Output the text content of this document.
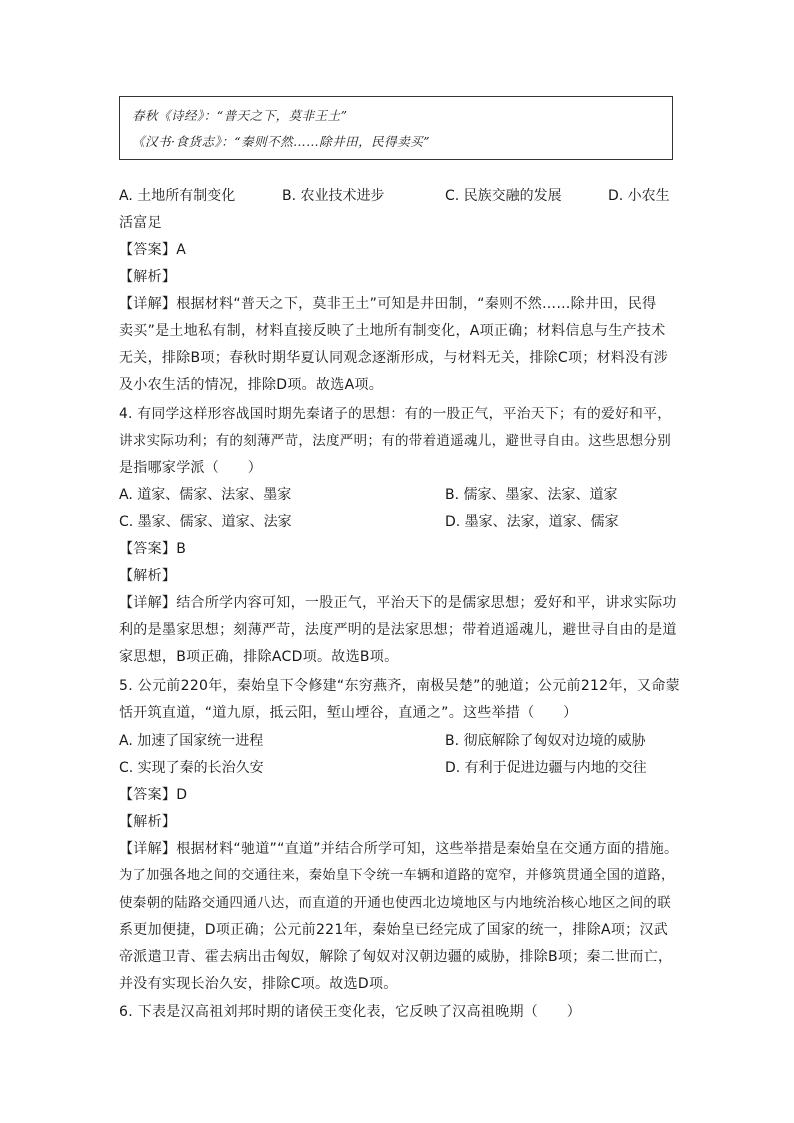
春秋《诗经》：“普天之下，莫非王土”
《汉书·食货志》：“秦则不然……除井田，民得卖买”
A. 土地所有制变化	B. 农业技术进步	C. 民族交融的发展	D. 小农生
活富足
【答案】A
【解析】
【详解】根据材料“普天之下，莫非王土”可知是井田制，“秦则不然……除井田，民得
卖买”是土地私有制，材料直接反映了土地所有制变化，A项正确；材料信息与生产技术
无关，排除B项；春秋时期华夏认同观念逐渐形成，与材料无关，排除C项；材料没有涉
及小农生活的情况，排除D项。故选A项。
4. 有同学这样形容战国时期先秦诸子的思想：有的一股正气，平治天下；有的爱好和平，
讲求实际功利；有的刻薄严苛，法度严明；有的带着逍遥魂儿，避世寻自由。这些思想分别
是指哪家学派（　　）
A. 道家、儒家、法家、墨家	B. 儒家、墨家、法家、道家
C. 墨家、儒家、道家、法家	D. 墨家、法家，道家、儒家
【答案】B
【解析】
【详解】结合所学内容可知，一股正气，平治天下的是儒家思想；爱好和平，讲求实际功
利的是墨家思想；刻薄严苛，法度严明的是法家思想；带着逍遥魂儿，避世寻自由的是道
家思想，B项正确，排除ACD项。故选B项。
5. 公元前220年，秦始皇下令修建“东穷燕齐，南极吴楚”的驰道；公元前212年，又命蒙
恬开筑直道，“道九原，抵云阳，堑山堙谷，直通之”。这些举措（　　）
A. 加速了国家统一进程	B. 彻底解除了匈奴对边境的威胁
C. 实现了秦的长治久安	D. 有利于促进边疆与内地的交往
【答案】D
【解析】
【详解】根据材料“驰道”“直道”并结合所学可知，这些举措是秦始皇在交通方面的措施。
为了加强各地之间的交通往来，秦始皇下令统一车辆和道路的宽窄，并修筑贯通全国的道路，
使秦朝的陆路交通四通八达，而直道的开通也使西北边境地区与内地统治核心地区之间的联
系更加便捷，D项正确；公元前221年，秦始皇已经完成了国家的统一，排除A项；汉武
帝派遣卫青、霍去病出击匈奴，解除了匈奴对汉朝边疆的威胁，排除B项；秦二世而亡，
并没有实现长治久安，排除C项。故选D项。
6. 下表是汉高祖刘邦时期的诸侯王变化表，它反映了汉高祖晚期（　　）
